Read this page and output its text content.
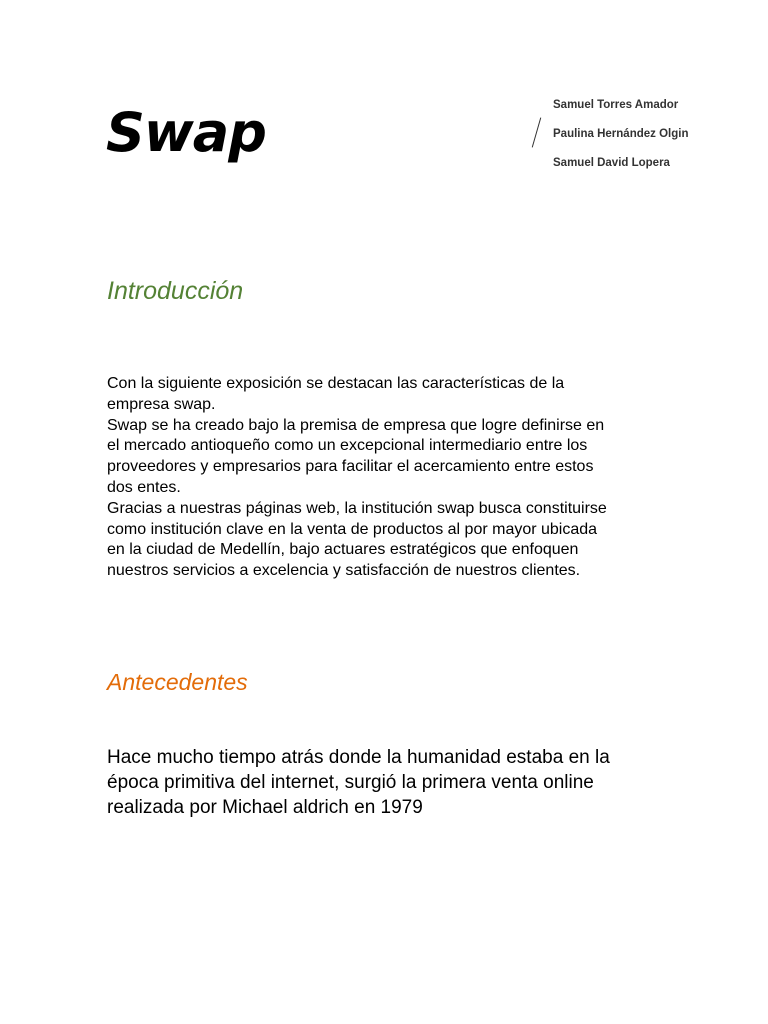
Swap	Samuel Torres Amador
Paulina Hernández Olgin
Samuel David Lopera
Introducción

Con la siguiente exposición se destacan las características de la
empresa swap.
Swap se ha creado bajo la premisa de empresa que logre definirse en
el mercado antioqueño como un excepcional intermediario entre los
proveedores y empresarios para facilitar el acercamiento entre estos
dos entes.
Gracias a nuestras páginas web, la institución swap busca constituirse
como institución clave en la venta de productos al por mayor ubicada
en la ciudad de Medellín, bajo actuares estratégicos que enfoquen
nuestros servicios a excelencia y satisfacción de nuestros clientes.

Antecedentes

Hace mucho tiempo atrás donde la humanidad estaba en la
época primitiva del internet, surgió la primera venta online
realizada por Michael aldrich en 1979
